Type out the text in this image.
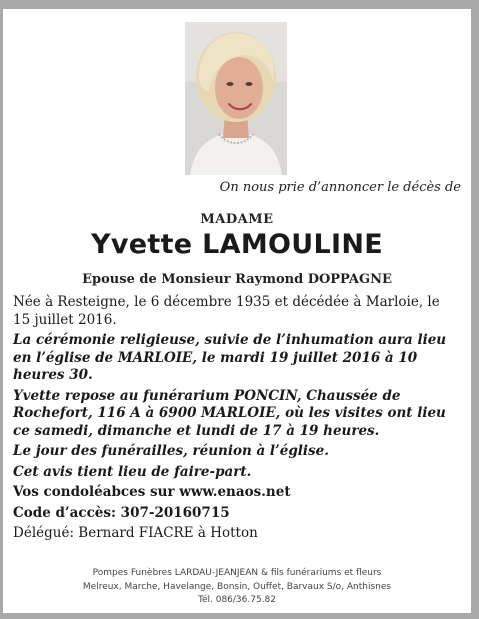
On nous prie d’annoncer le décès de
MADAME
Yvette LAMOULINE
Epouse de Monsieur Raymond DOPPAGNE

Née à Resteigne, le 6 décembre 1935 et décédée à Marloie, le 15 juillet 2016.

La cérémonie religieuse, suivie de l’inhumation aura lieu en l’église de MARLOIE, le mardi 19 juillet 2016 à 10 heures 30.

Yvette repose au funérarium PONCIN, Chaussée de Rochefort, 116 A à 6900 MARLOIE, où les visites ont lieu ce samedi, dimanche et lundi de 17 à 19 heures.

Le jour des funérailles, réunion à l’église.

Cet avis tient lieu de faire-part.

Vos condoléabces sur www.enaos.net

Code d’accès: 307-20160715

Délégué: Bernard FIACRE à Hotton

Pompes Funèbres LARDAU-JEANJEAN & fils funérariums et fleurs
Melreux, Marche, Havelange, Bonsin, Ouffet, Barvaux S/o, Anthisnes
Tél. 086/36.75.82
